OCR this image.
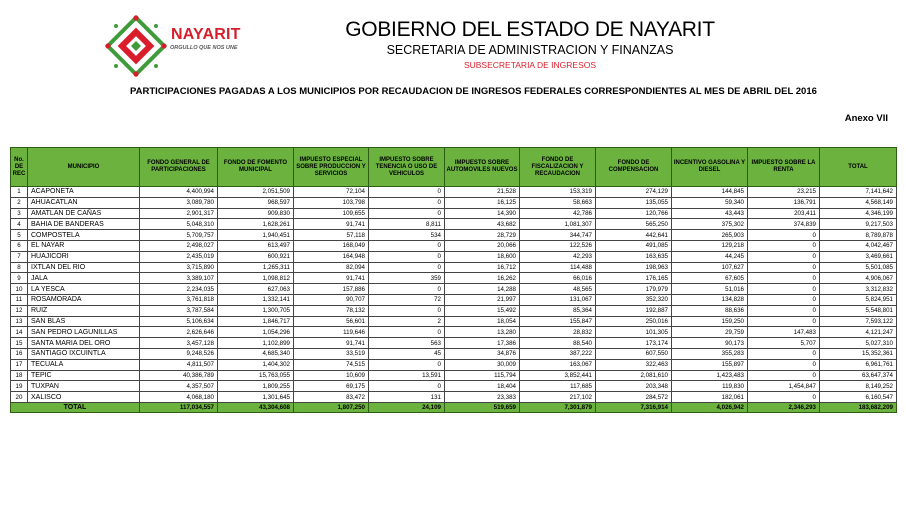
NAYARIT
ORGULLO QUE NOS UNE
GOBIERNO DEL ESTADO DE NAYARIT
SECRETARIA DE ADMINISTRACION Y FINANZAS
SUBSECRETARIA DE INGRESOS
PARTICIPACIONES PAGADAS A LOS MUNICIPIOS POR RECAUDACION DE INGRESOS FEDERALES CORRESPONDIENTES AL MES DE ABRIL DEL 2016
Anexo VII
No. DE REC	MUNICIPIO	FONDO GENERAL DE PARTICIPACIONES	FONDO DE FOMENTO MUNICIPAL	IMPUESTO ESPECIAL SOBRE PRODUCCION Y SERVICIOS	IMPUESTO SOBRE TENENCIA O USO DE VEHICULOS	IMPUESTO SOBRE AUTOMOVILES NUEVOS	FONDO DE FISCALIZACION Y RECAUDACION	FONDO DE COMPENSACION	INCENTIVO GASOLINA Y DIESEL	IMPUESTO SOBRE LA RENTA	TOTAL
1	ACAPONETA	4,400,994	2,051,509	72,104	0	21,528	153,319	274,129	144,845	23,215	7,141,642
2	AHUACATLAN	3,089,780	968,597	103,798	0	16,125	58,663	135,055	59,340	136,791	4,568,149
3	AMATLAN DE CAÑAS	2,901,317	909,830	109,655	0	14,390	42,786	120,766	43,443	203,411	4,346,199
4	BAHIA DE BANDERAS	5,048,310	1,628,261	91,741	8,811	43,682	1,081,307	565,250	375,302	374,839	9,217,503
5	COMPOSTELA	5,709,757	1,940,451	57,118	534	28,729	344,747	442,641	265,903	0	8,789,878
6	EL NAYAR	2,498,027	613,497	168,049	0	20,066	122,526	491,085	129,218	0	4,042,467
7	HUAJICORI	2,435,019	600,921	164,948	0	18,600	42,293	163,635	44,245	0	3,469,661
8	IXTLAN DEL RIO	3,715,890	1,265,311	82,094	0	16,712	114,488	198,963	107,627	0	5,501,085
9	JALA	3,389,107	1,098,812	91,741	359	16,262	66,016	176,165	67,605	0	4,906,067
10	LA YESCA	2,234,035	627,063	157,886	0	14,288	48,565	179,979	51,016	0	3,312,832
11	ROSAMORADA	3,761,818	1,332,141	90,707	72	21,997	131,067	352,320	134,828	0	5,824,951
12	RUIZ	3,787,584	1,300,705	78,132	0	15,492	85,364	192,887	88,636	0	5,548,801
13	SAN BLAS	5,106,634	1,846,717	56,601	2	18,054	155,847	250,016	159,250	0	7,593,122
14	SAN PEDRO LAGUNILLAS	2,626,646	1,054,296	119,646	0	13,280	28,832	101,305	29,759	147,483	4,121,247
15	SANTA MARIA DEL ORO	3,457,128	1,102,899	91,741	563	17,386	88,540	173,174	90,173	5,707	5,027,310
16	SANTIAGO IXCUINTLA	9,248,526	4,685,340	33,519	45	34,876	387,222	607,550	355,283	0	15,352,361
17	TECUALA	4,811,507	1,404,302	74,515	0	30,009	163,067	322,463	155,897	0	6,961,761
18	TEPIC	40,386,789	15,763,055	10,609	13,591	115,794	3,852,441	2,081,610	1,423,483	0	63,647,374
19	TUXPAN	4,357,507	1,809,255	69,175	0	18,404	117,685	203,348	119,830	1,454,847	8,149,252
20	XALISCO	4,068,180	1,301,645	83,472	131	23,383	217,102	284,572	182,061	0	6,160,547
TOTAL		117,034,557	43,304,608	1,807,250	24,109	519,659	7,301,879	7,316,914	4,026,942	2,346,293	183,682,209
